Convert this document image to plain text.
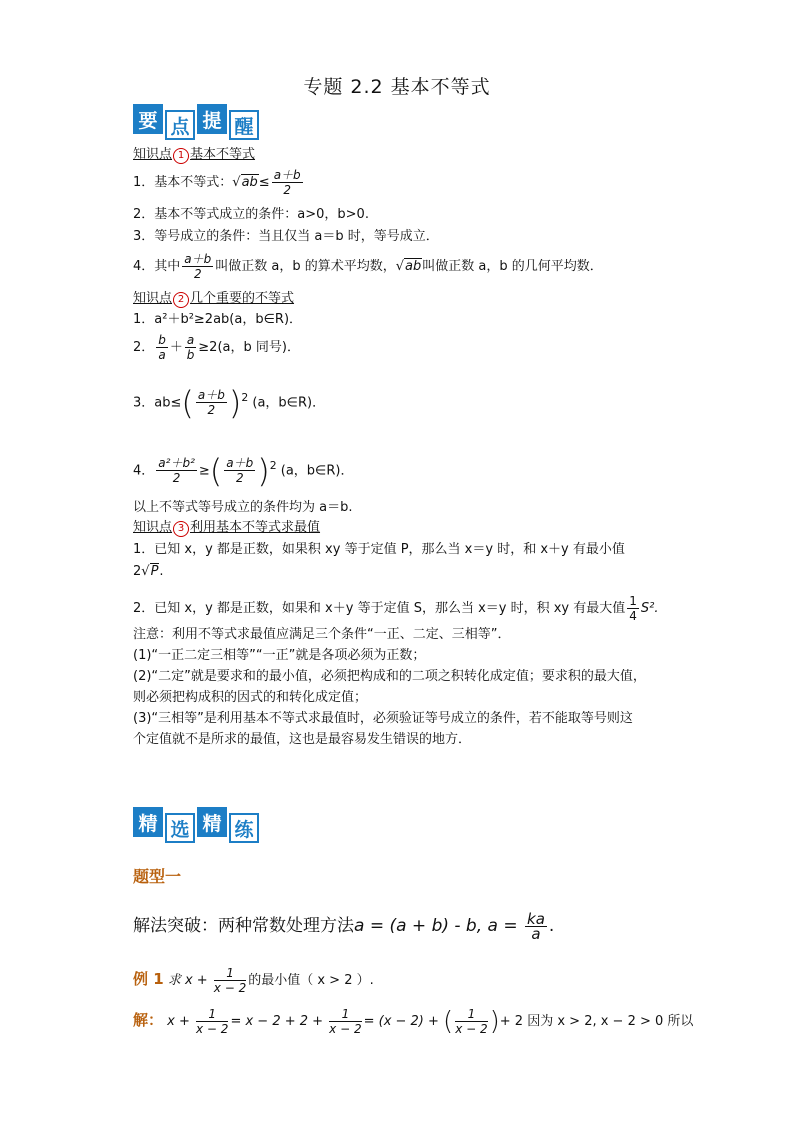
专题 2.2 基本不等式
要 点 提 醒
知识点 1 基本不等式
1．基本不等式：$√ab\le \frac{a+b}{2}$
2．基本不等式成立的条件：a>0，b>0.
3．等号成立的条件：当且仅当 a＝b 时，等号成立．
4．其中 $\frac{a+b}{2}$ 叫做正数 a，b 的算术平均数，√ab叫做正数 a，b 的几何平均数．
知识点 2 几个重要的不等式
1．a²＋b²≥2ab(a，b∈R)．
2． $\frac{b}{a} + \frac{a}{b} \ge 2(a$，b 同号)．
3．$ab\le( \frac{a+b}{2} )^2$ (a，b∈R)．
4． $\frac{\text{a²＋b²}}{2}$ ≥( $\frac{a+b}{2} )^2$ (a，b∈R)．
以上不等式等号成立的条件均为 a＝b.
知识点 3 利用基本不等式求最值
1．已知 x，y 都是正数，如果积 xy 等于定值 P，那么当 x＝y 时，和 x＋y 有最小值
2√P.
2．已知 x，y 都是正数，如果和 x＋y 等于定值 S，那么当 x＝y 时，积 xy 有最大值 $\frac{1}{4} S^2$.
注意：利用不等式求最值应满足三个条件“一正、二定、三相等”．
(1)“一正二定三相等”“一正”就是各项必须为正数；
(2)“二定”就是要求和的最小值，必须把构成和的二项之积转化成定值；要求积的最大值，
则必须把构成积的因式的和转化成定值；
(3)“三相等”是利用基本不等式求最值时，必须验证等号成立的条件，若不能取等号则这
个定值就不是所求的最值，这也是最容易发生错误的地方．
精 选 精 练
题型一
解法突破：两种常数处理方法a = (a + b) - b, $a = \frac{ka}{a}$ .
例 1 求 $x + \frac{1}{x - 2}$ 的最小值（ x > 2 ）.
解： $x + \frac{1}{x - 2} = x - 2 + 2 + \frac{1}{x - 2} = (x - 2)$ + ( $\frac{1}{x - 2}$ )+ 2 因为 x > 2, x − 2 > 0 所以
